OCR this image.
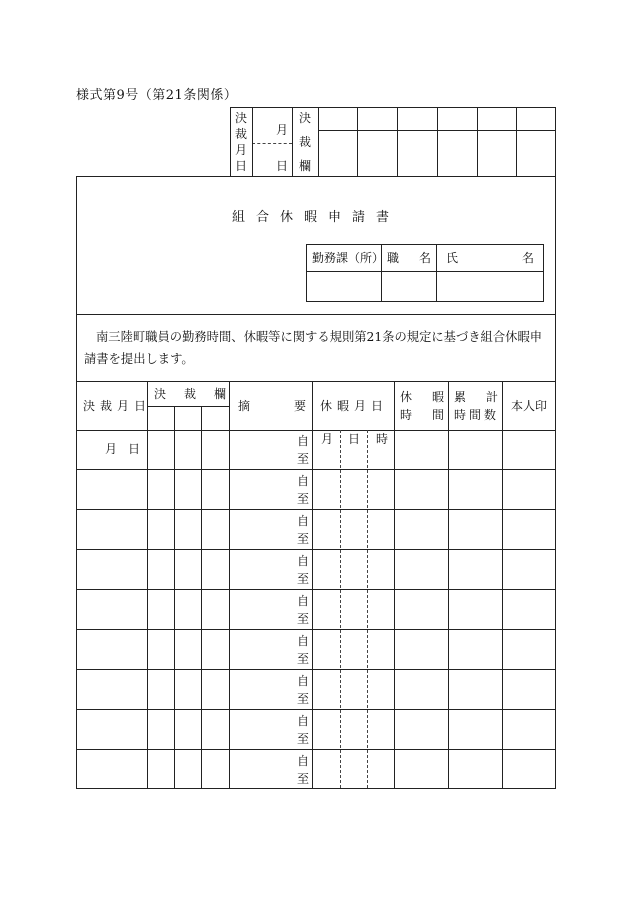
様式第9号（第21条関係）
決
裁
月
日
月
日
決
裁
欄
組合休暇申請書
勤務課（所） 職　名 氏	名
南三陸町職員の勤務時間、休暇等に関する規則第21条の規定に基づき組合休暇申請書を提出します。
決裁月日
決　裁　欄
摘	要 休暇月日
休 暇
時 間
累 計
時間数
本人印
月 日
月 日 時
自
至
自
至
自
至
自
至
自
至
自
至
自
至
自
至
自
至
